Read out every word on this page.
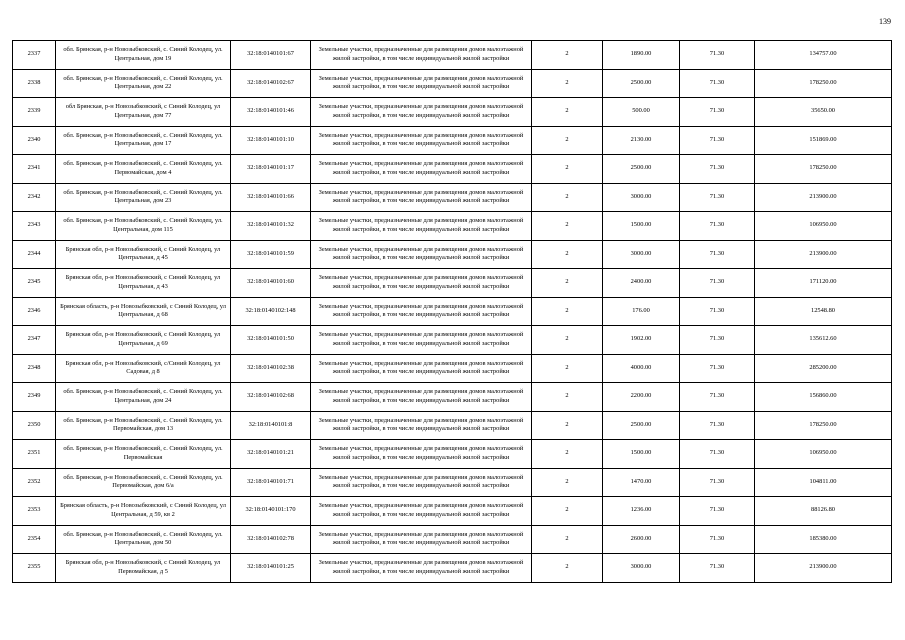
139
2337	обл. Брянская, р-н Новозыбковский, с. Синий Колодец, ул. Центральная, дом 19	32:18:0140101:67	Земельные участки, предназначенные для размещения домов малоэтажной жилой застройки, в том числе индивидуальной жилой застройки	2	1890.00	71.30	134757.00
2338	обл. Брянская, р-н Новозыбковский, с. Синий Колодец, ул. Центральная, дом 22	32:18:0140102:67	Земельные участки, предназначенные для размещения домов малоэтажной жилой застройки, в том числе индивидуальной жилой застройки	2	2500.00	71.30	178250.00
2339	обл Брянская, р-н Новозыбковский, с Синий Колодец, ул Центральная, дом 77	32:18:0140101:46	Земельные участки, предназначенные для размещения домов малоэтажной жилой застройки, в том числе индивидуальной жилой застройки	2	500.00	71.30	35650.00
2340	обл. Брянская, р-н Новозыбковский, с. Синий Колодец, ул. Центральная, дом 17	32:18:0140101:10	Земельные участки, предназначенные для размещения домов малоэтажной жилой застройки, в том числе индивидуальной жилой застройки	2	2130.00	71.30	151869.00
2341	обл. Брянская, р-н Новозыбковский, с. Синий Колодец, ул. Первомайская, дом 4	32:18:0140101:17	Земельные участки, предназначенные для размещения домов малоэтажной жилой застройки, в том числе индивидуальной жилой застройки	2	2500.00	71.30	178250.00
2342	обл. Брянская, р-н Новозыбковский, с. Синий Колодец, ул. Центральная, дом 23	32:18:0140101:66	Земельные участки, предназначенные для размещения домов малоэтажной жилой застройки, в том числе индивидуальной жилой застройки	2	3000.00	71.30	213900.00
2343	обл. Брянская, р-н Новозыбковский, с. Синий Колодец, ул. Центральная, дом 115	32:18:0140101:32	Земельные участки, предназначенные для размещения домов малоэтажной жилой застройки, в том числе индивидуальной жилой застройки	2	1500.00	71.30	106950.00
2344	Брянская обл, р-н Новозыбковский, с Синий Колодец, ул Центральная, д 45	32:18:0140101:59	Земельные участки, предназначенные для размещения домов малоэтажной жилой застройки, в том числе индивидуальной жилой застройки	2	3000.00	71.30	213900.00
2345	Брянская обл, р-н Новозыбковский, с Синий Колодец, ул Центральная, д 43	32:18:0140101:60	Земельные участки, предназначенные для размещения домов малоэтажной жилой застройки, в том числе индивидуальной жилой застройки	2	2400.00	71.30	171120.00
2346	Брянская область, р-н Новозыбковский, с Синий Колодец, ул Центральная, д 68	32:18:0140102:148	Земельные участки, предназначенные для размещения домов малоэтажной жилой застройки, в том числе индивидуальной жилой застройки	2	176.00	71.30	12548.80
2347	Брянская обл, р-н Новозыбковский, с Синий Колодец, ул Центральная, д 69	32:18:0140101:50	Земельные участки, предназначенные для размещения домов малоэтажной жилой застройки, в том числе индивидуальной жилой застройки	2	1902.00	71.30	135612.60
2348	Брянская обл, р-н Новозыбковский, с/Синий Колодец, ул Садовая, д 8	32:18:0140102:38	Земельные участки, предназначенные для размещения домов малоэтажной жилой застройки, в том числе индивидуальной жилой застройки	2	4000.00	71.30	285200.00
2349	обл. Брянская, р-н Новозыбковский, с. Синий Колодец, ул. Центральная, дом 24	32:18:0140102:68	Земельные участки, предназначенные для размещения домов малоэтажной жилой застройки, в том числе индивидуальной жилой застройки	2	2200.00	71.30	156860.00
2350	обл. Брянская, р-н Новозыбковский, с. Синий Колодец, ул. Первомайская, дом 13	32:18:0140101:8	Земельные участки, предназначенные для размещения домов малоэтажной жилой застройки, в том числе индивидуальной жилой застройки	2	2500.00	71.30	178250.00
2351	обл. Брянская, р-н Новозыбковский, с. Синий Колодец, ул. Первомайская	32:18:0140101:21	Земельные участки, предназначенные для размещения домов малоэтажной жилой застройки, в том числе индивидуальной жилой застройки	2	1500.00	71.30	106950.00
2352	обл. Брянская, р-н Новозыбковский, с. Синий Колодец, ул. Первомайская, дом 6/а	32:18:0140101:71	Земельные участки, предназначенные для размещения домов малоэтажной жилой застройки, в том числе индивидуальной жилой застройки	2	1470.00	71.30	104811.00
2353	Брянская область, р-н Новозыбковский, с Синий Колодец, ул Центральная, д 59, кв 2	32:18:0140101:170	Земельные участки, предназначенные для размещения домов малоэтажной жилой застройки, в том числе индивидуальной жилой застройки	2	1236.00	71.30	88126.80
2354	обл. Брянская, р-н Новозыбковский, с. Синий Колодец, ул. Центральная, дом 50	32:18:0140102:78	Земельные участки, предназначенные для размещения домов малоэтажной жилой застройки, в том числе индивидуальной жилой застройки	2	2600.00	71.30	185380.00
2355	Брянская обл, р-н Новозыбковский, с Синий Колодец, ул Первомайская, д 5	32:18:0140101:25	Земельные участки, предназначенные для размещения домов малоэтажной жилой застройки, в том числе индивидуальной жилой застройки	2	3000.00	71.30	213900.00
